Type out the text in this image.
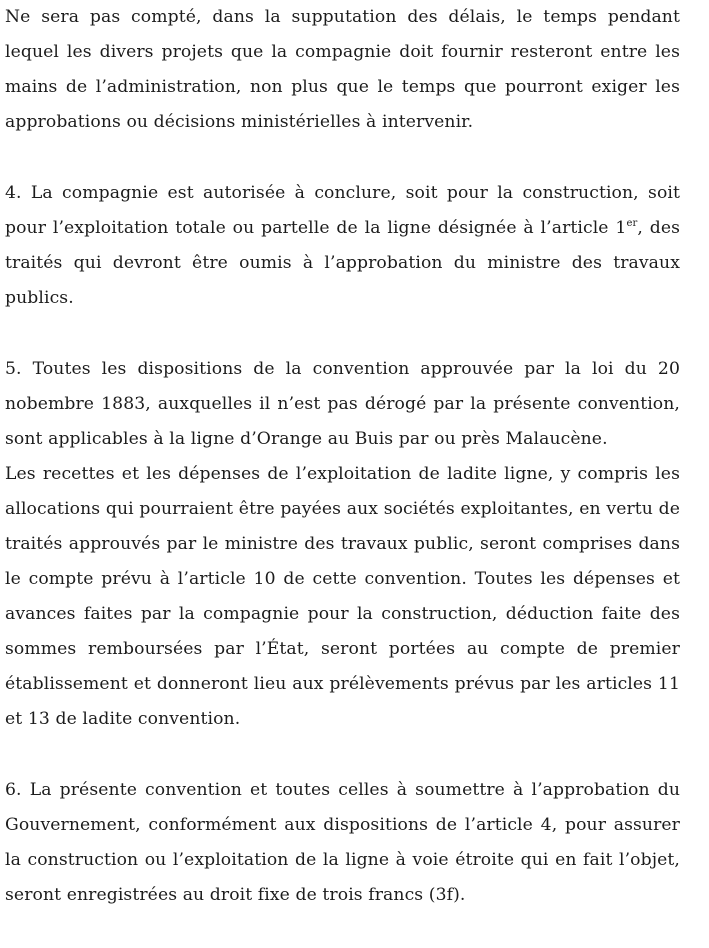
Ne sera pas compté, dans la supputation des délais, le temps pendant lequel les divers projets que la compagnie doit fournir resteront entre les mains de l’administration, non plus que le temps que pourront exiger les approbations ou décisions ministérielles à intervenir.

4. La compagnie est autorisée à conclure, soit pour la construction, soit pour l’exploitation totale ou partelle de la ligne désignée à l’article 1er, des traités qui devront être oumis à l’approbation du ministre des travaux publics.

5. Toutes les dispositions de la convention approuvée par la loi du 20 nobembre 1883, auxquelles il n’est pas dérogé par la présente convention, sont applicables à la ligne d’Orange au Buis par ou près Malaucène.

Les recettes et les dépenses de l’exploitation de ladite ligne, y compris les allocations qui pourraient être payées aux sociétés exploitantes, en vertu de traités approuvés par le ministre des travaux public, seront comprises dans le compte prévu à l’article 10 de cette convention. Toutes les dépenses et avances faites par la compagnie pour la construction, déduction faite des sommes remboursées par l’État, seront portées au compte de premier établissement et donneront lieu aux prélèvements prévus par les articles 11 et 13 de ladite convention.

6. La présente convention et toutes celles à soumettre à l’approbation du Gouvernement, conformément aux dispositions de l’article 4, pour assurer la construction ou l’exploitation de la ligne à voie étroite qui en fait l’objet, seront enregistrées au droit fixe de trois francs (3f).
